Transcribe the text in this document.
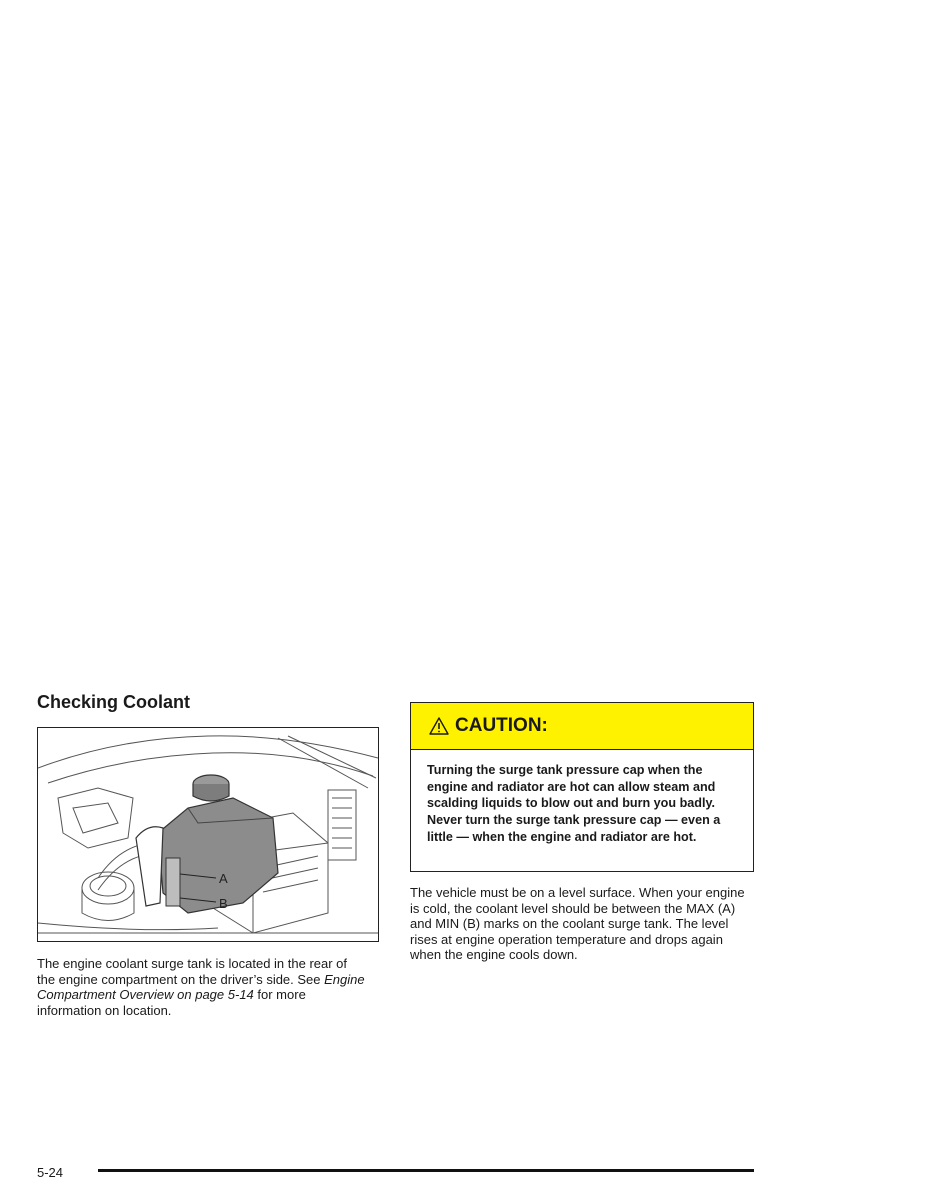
Checking Coolant
A
B

The engine coolant surge tank is located in the rear of the engine compartment on the driver’s side. See Engine Compartment Overview on page 5-14 for more information on location.

CAUTION:

Turning the surge tank pressure cap when the engine and radiator are hot can allow steam and scalding liquids to blow out and burn you badly. Never turn the surge tank pressure cap — even a little — when the engine and radiator are hot.

The vehicle must be on a level surface. When your engine is cold, the coolant level should be between the MAX (A) and MIN (B) marks on the coolant surge tank. The level rises at engine operation temperature and drops again when the engine cools down.

5-24
